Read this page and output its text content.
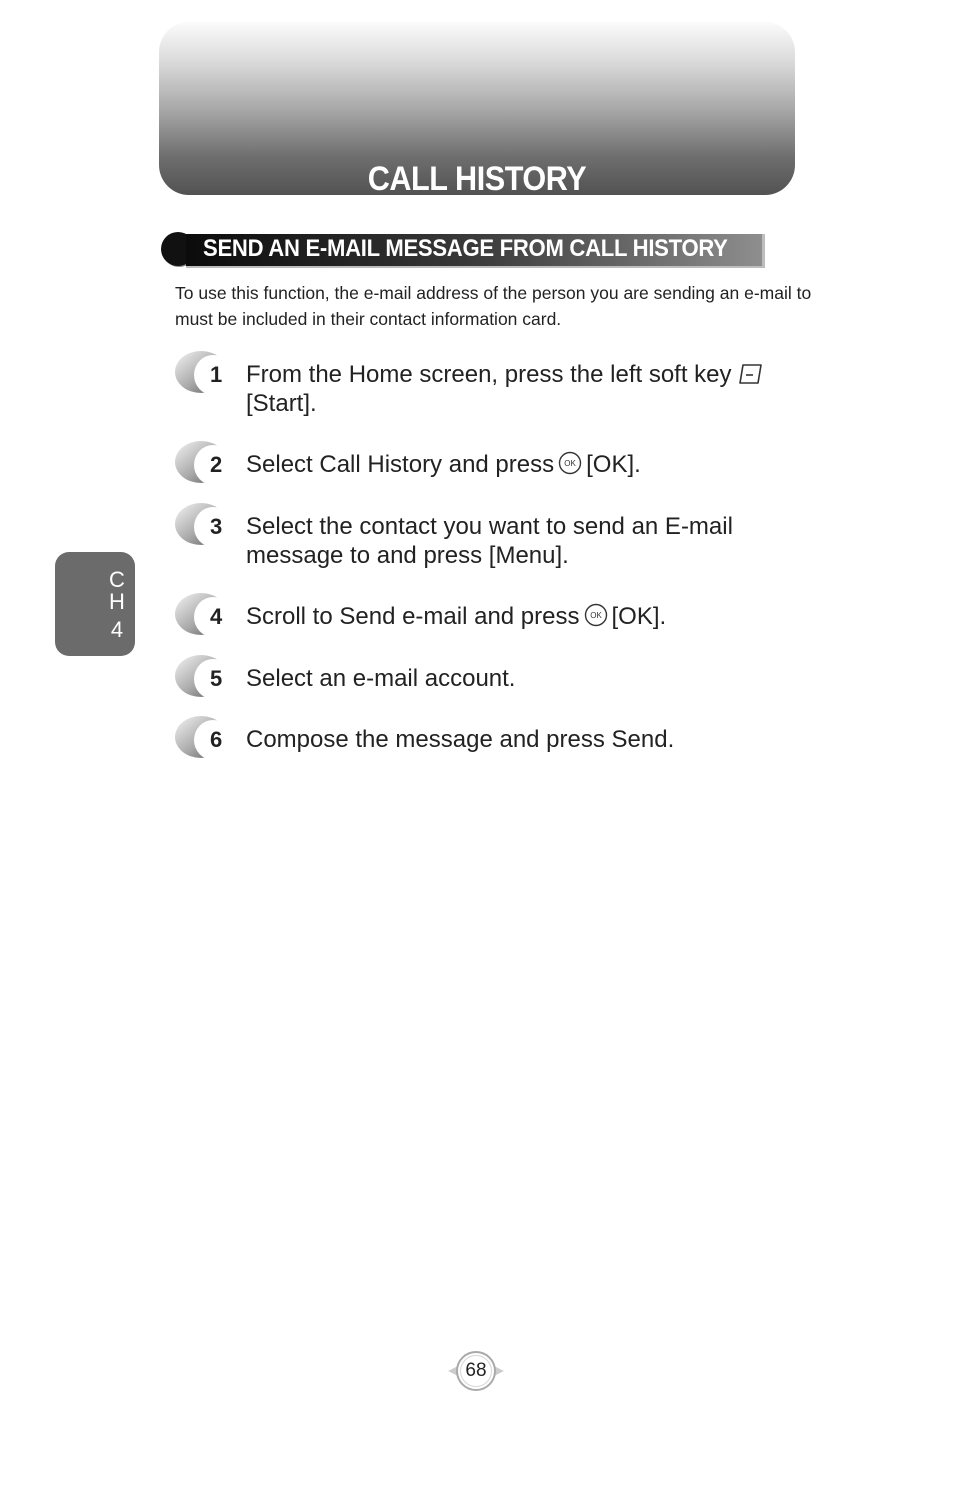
CALL HISTORY
SEND AN E-MAIL MESSAGE FROM CALL HISTORY
To use this function, the e-mail address of the person you are sending an e-mail to must be included in their contact information card.
1 From the Home screen, press the left soft key
[Start].
2 Select Call History and press OK [OK].
3 Select the contact you want to send an E-mail
message to and press [Menu].
4 Scroll to Send e-mail and press OK [OK].
5 Select an e-mail account.
6 Compose the message and press Send.
C
H
4
68
